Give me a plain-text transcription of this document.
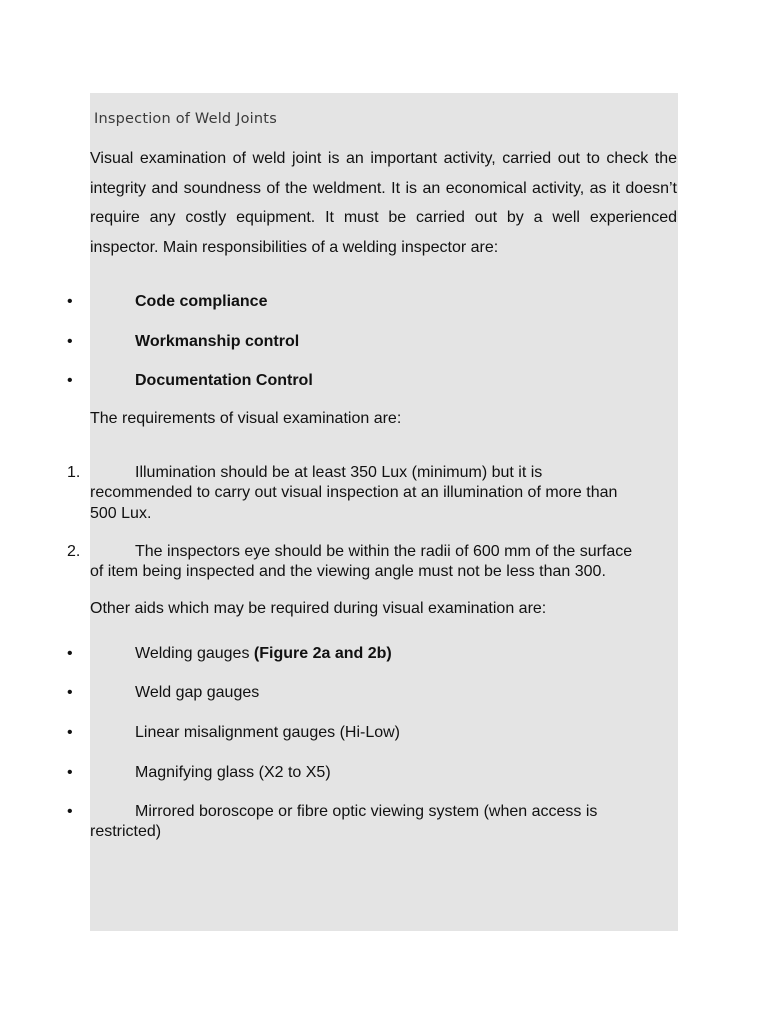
Inspection of Weld Joints

Visual examination of weld joint is an important activity, carried out to check the integrity and soundness of the weldment. It is an economical activity, as it doesn’t require any costly equipment. It must be carried out by a well experienced inspector. Main responsibilities of a welding inspector are:

•	Code compliance
•	Workmanship control
•	Documentation Control

The requirements of visual examination are:

1.	Illumination should be at least 350 Lux (minimum) but it is
recommended to carry out visual inspection at an illumination of more than
500 Lux.
2.	The inspectors eye should be within the radii of 600 mm of the surface
of item being inspected and the viewing angle must not be less than 300.

Other aids which may be required during visual examination are:

•	Welding gauges (Figure 2a and 2b)
•	Weld gap gauges
•	Linear misalignment gauges (Hi-Low)
•	Magnifying glass (X2 to X5)
•	Mirrored boroscope or fibre optic viewing system (when access is
restricted)
